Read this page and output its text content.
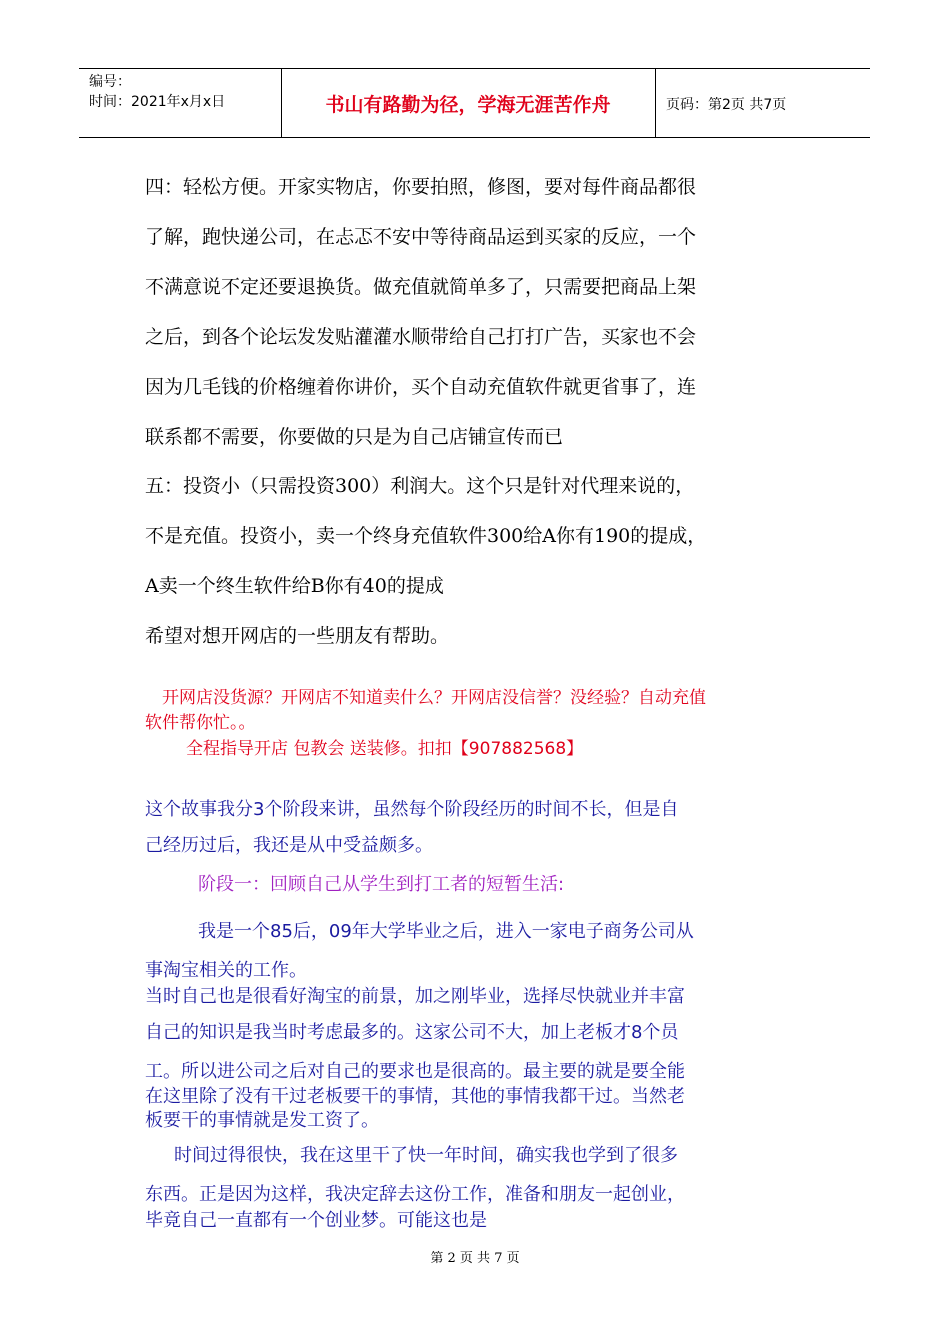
编号：
时间：2021年x月x日	书山有路勤为径，学海无涯苦作舟	页码：第2页 共7页
四：轻松方便。开家实物店，你要拍照，修图，要对每件商品都很
了解，跑快递公司，在忐忑不安中等待商品运到买家的反应，一个
不满意说不定还要退换货。做充值就简单多了，只需要把商品上架
之后，到各个论坛发发贴灌灌水顺带给自己打打广告，买家也不会
因为几毛钱的价格缠着你讲价，买个自动充值软件就更省事了，连
联系都不需要，你要做的只是为自己店铺宣传而已
五：投资小（只需投资300）利润大。这个只是针对代理来说的，
不是充值。投资小，卖一个终身充值软件300给A你有190的提成，
A卖一个终生软件给B你有40的提成
希望对想开网店的一些朋友有帮助。
开网店没货源？开网店不知道卖什么？开网店没信誉？没经验？自动充值
软件帮你忙。。
全程指导开店 包教会 送装修。扣扣【907882568】
这个故事我分3个阶段来讲，虽然每个阶段经历的时间不长，但是自
己经历过后，我还是从中受益颇多。
阶段一：回顾自己从学生到打工者的短暂生活:
我是一个85后，09年大学毕业之后，进入一家电子商务公司从
事淘宝相关的工作。
当时自己也是很看好淘宝的前景，加之刚毕业，选择尽快就业并丰富
自己的知识是我当时考虑最多的。这家公司不大，加上老板才8个员
工。所以进公司之后对自己的要求也是很高的。最主要的就是要全能
在这里除了没有干过老板要干的事情，其他的事情我都干过。当然老
板要干的事情就是发工资了。
时间过得很快，我在这里干了快一年时间，确实我也学到了很多
东西。正是因为这样，我决定辞去这份工作，准备和朋友一起创业，
毕竟自己一直都有一个创业梦。可能这也是
第 2 页 共 7 页
